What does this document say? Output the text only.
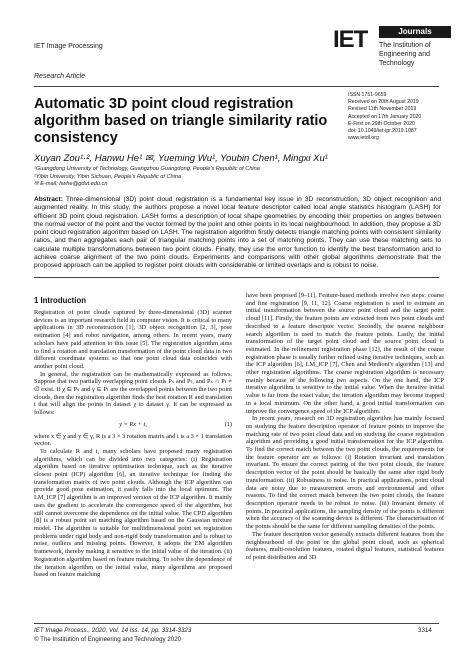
IET Image Processing
Research Article
IET	Journals
The Institution of Engineering and Technology
Automatic 3D point cloud registration algorithm based on triangle similarity ratio consistency
ISSN 1751-9659
Received on 20th August 2019
Revised 11th November 2019
Accepted on 17th January 2020
E-First on 29th October 2020
doi: 10.1049/iet-ipr.2019.1087
www.ietdl.org
Xuyan Zou¹·², Hanwu He¹ ✉, Yueming Wu¹, Youbin Chen¹, Mingxi Xu¹
¹Guangdong University of Technology, Guangzhou Guangdong, People's Republic of China
²Yibin University, Yibin Sichuan, People's Republic of China
✉ E-mail: hwhe@gdut.edu.cn
Abstract: Three-dimensional (3D) point cloud registration is a fundamental key issue in 3D reconstruction, 3D object recognition and augmented reality. In this study, the authors propose a novel local feature descriptor called local angle statistics histogram (LASH) for efficient 3D point cloud registration. LASH forms a description of local shape geometries by encoding their properties on angles between the normal vector of the point and the vector formed by the point and other points in its local neighbourhood. In addition, they propose a 3D point cloud registration algorithm based on LASH. The registration algorithm firstly detects triangle matching points with consistent similarity ratios, and then aggregates each pair of triangular matching points into a set of matching points. They can use these matching sets to calculate multiple transformations between two point clouds. Finally, they use the error function to identify the best transformation and to achieve coarse alignment of the two point clouds. Experiments and comparisons with other global algorithms demonstrate that the proposed approach can be applied to register point clouds with considerable or limited overlaps and is robust to noise.
1 Introduction

Registration of point clouds captured by three-dimensional (3D) scanner devices is an important research field in computer vision. It is critical to many applications in 3D reconstruction [1], 3D object recognition [2, 3], pose estimation [4] and robot navigation, among others. In recent years, many scholars have paid attention to this issue [5]. The registration algorithm aims to find a rotation and translation transformation of the point cloud data in two different coordinate systems so that one point cloud data coincides with another point cloud.

In general, the registration can be mathematically expressed as follows. Suppose that two partially overlapping point clouds Pₛ and Pₜ, and Pₛ ∩ Pₜ ≠ ∅ exist. If χ ⊆ Pₛ and γ ⊆ Pₜ are the overlapped points between the two point clouds, then the registration algorithm finds the best rotation R and translation t that will align the points in dataset χ to dataset γ. It can be expressed as follows:

y = Rx + t,	(1)

where x ∈ χ and y ∈ γ, R is a 3 × 3 rotation matrix and t is a 3 × 1 translation vector.

To calculate R and t, many scholars have proposed many registration algorithms, which can be divided into two categories: (i) Registration algorithm based on iterative optimisation technique, such as the iterative closest point (ICP) algorithm [6], an iterative technique for finding the transformation matrix of two point clouds. Although the ICP algorithm can provide good pose estimation, it easily falls into the local optimum. The LM_ICP [7] algorithm is an improved version of the ICP algorithm. It mainly uses the gradient to accelerate the convergence speed of the algorithm, but still cannot overcome the dependence on the initial value. The CPD algorithm [8] is a robust point set matching algorithm based on the Gaussian mixture model. The algorithm is suitable for multidimensional point set registration problems under rigid body and non-rigid body transformation and is robust to noise, outliers and missing points. However, it adopts the EM algorithm framework, thereby making it sensitive to the initial value of the iteration. (ii) Registration algorithm based on feature matching. To solve the dependence of the iteration algorithm on the initial value, many algorithms are proposed based on feature matching

have been proposed [9–11]. Feature-based methods involve two steps: coarse and fine registration [9, 11, 12]. Coarse registration is used to estimate an initial transformation between the source point cloud and the target point cloud [11]. Firstly, the feature points are extracted from two point clouds and described to a feature descriptor vector. Secondly, the nearest neighbour search algorithm is used to match the feature points. Lastly, the initial transformation of the target point cloud and the source point cloud is estimated. In the refinement registration phase [12], the result of the coarse registration phase is usually further refined using iterative techniques, such as the ICP algorithm [6], LM_ICP [7], Chen and Medioni's algorithm [13] and other registration algorithms. The coarse registration algorithm is necessary mainly because of the following two aspects. On the one hand, the ICP iterative algorithm is sensitive to the initial value. When the iterative initial value is far from the exact value, the iteration algorithm may become trapped in a local minimum. On the other hand, a good initial transformation can improve the convergence speed of the ICP algorithm.

In recent years, research on 3D registration algorithm has mainly focused on studying the feature description operator of feature points to improve the matching rate of two point cloud data and on studying the coarse registration algorithm and providing a good initial transformation for the ICP algorithm. To find the correct match between the two point clouds, the requirements for the feature operator are as follows: (i) Rotation invariant and translation invariant. To ensure the correct pairing of the two point clouds, the feature description vector of the point should be basically the same after rigid body transformation. (ii) Robustness to noise. In practical applications, point cloud data are noisy due to measurement errors and environmental and other reasons. To find the correct match between the two point clouds, the feature description operator needs to be robust to noise. (iii) Invariant density of points. In practical applications, the sampling density of the points is different when the accuracy of the scanning device is different. The characterisation of the points should be the same for different sampling densities of the points.

The feature description vector generally extracts different features from the neighbourhood of the point or the global point cloud, such as spherical features, multi-resolution features, rotated digital features, statistical features of point distribution and 3D

IET Image Process., 2020, Vol. 14 Iss. 14, pp. 3314-3323
© The Institution of Engineering and Technology 2020
3314
